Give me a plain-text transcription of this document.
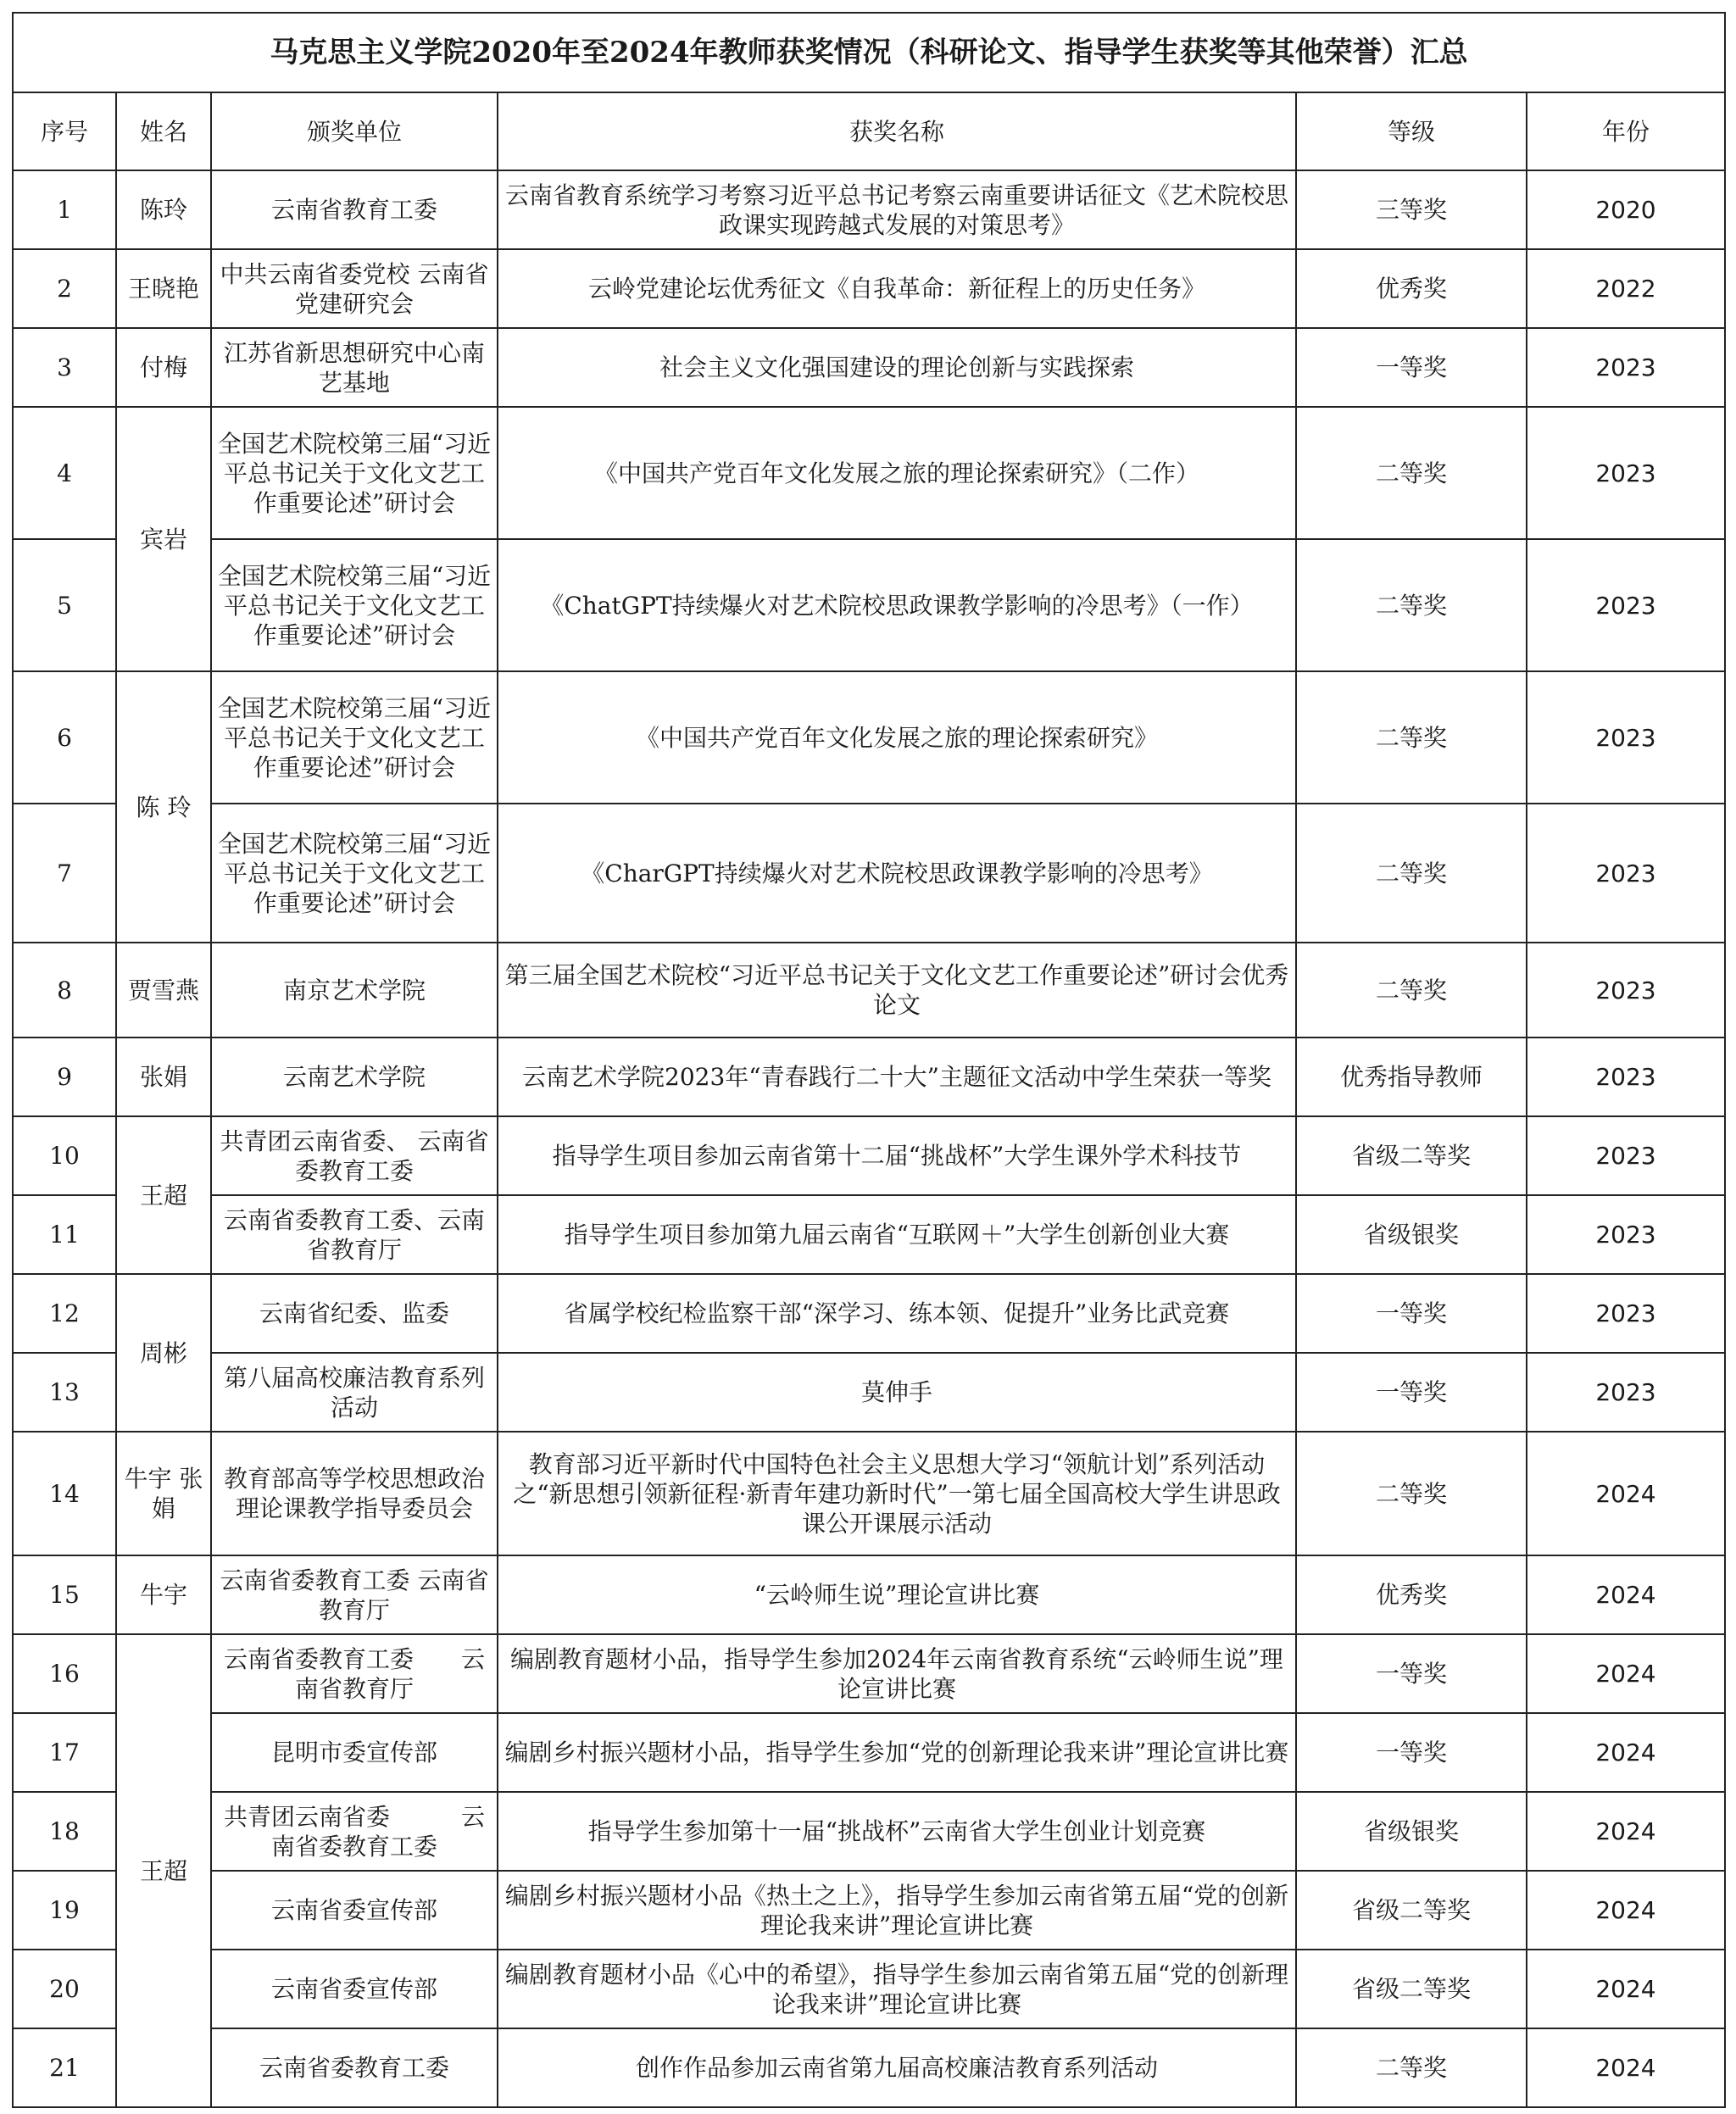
马克思主义学院2020年至2024年教师获奖情况（科研论文、指导学生获奖等其他荣誉）汇总
序号	姓名	颁奖单位	获奖名称	等级	年份
1	陈玲	云南省教育工委	云南省教育系统学习考察习近平总书记考察云南重要讲话征文《艺术院校思政课实现跨越式发展的对策思考》	三等奖	2020
2	王晓艳	中共云南省委党校 云南省党建研究会	云岭党建论坛优秀征文《自我革命：新征程上的历史任务》	优秀奖	2022
3	付梅	江苏省新思想研究中心南艺基地	社会主义文化强国建设的理论创新与实践探索	一等奖	2023
4	宾岩	全国艺术院校第三届“习近平总书记关于文化文艺工作重要论述”研讨会	《中国共产党百年文化发展之旅的理论探索研究》（二作）	二等奖	2023
5		全国艺术院校第三届“习近平总书记关于文化文艺工作重要论述”研讨会	《ChatGPT持续爆火对艺术院校思政课教学影响的冷思考》（一作）	二等奖	2023
6	陈 玲	全国艺术院校第三届“习近平总书记关于文化文艺工作重要论述”研讨会	《中国共产党百年文化发展之旅的理论探索研究》	二等奖	2023
7		全国艺术院校第三届“习近平总书记关于文化文艺工作重要论述”研讨会	《CharGPT持续爆火对艺术院校思政课教学影响的冷思考》	二等奖	2023
8	贾雪燕	南京艺术学院	第三届全国艺术院校“习近平总书记关于文化文艺工作重要论述”研讨会优秀论文	二等奖	2023
9	张娟	云南艺术学院	云南艺术学院2023年“青春践行二十大”主题征文活动中学生荣获一等奖	优秀指导教师	2023
10	王超	共青团云南省委、 云南省委教育工委	指导学生项目参加云南省第十二届“挑战杯”大学生课外学术科技节	省级二等奖	2023
11		云南省委教育工委、云南省教育厅	指导学生项目参加第九届云南省“互联网＋”大学生创新创业大赛	省级银奖	2023
12	周彬	云南省纪委、监委	省属学校纪检监察干部“深学习、练本领、促提升”业务比武竞赛	一等奖	2023
13		第八届高校廉洁教育系列活动	莫伸手	一等奖	2023
14	牛宇 张娟	教育部高等学校思想政治理论课教学指导委员会	教育部习近平新时代中国特色社会主义思想大学习“领航计划”系列活动之“新思想引领新征程·新青年建功新时代”一第七届全国高校大学生讲思政课公开课展示活动	二等奖	2024
15	牛宇	云南省委教育工委 云南省教育厅	“云岭师生说”理论宣讲比赛	优秀奖	2024
16	王超	云南省委教育工委　　云南省教育厅	编剧教育题材小品，指导学生参加2024年云南省教育系统“云岭师生说”理论宣讲比赛	一等奖	2024
17		昆明市委宣传部	编剧乡村振兴题材小品，指导学生参加“党的创新理论我来讲”理论宣讲比赛	一等奖	2024
18		共青团云南省委　　　云南省委教育工委	指导学生参加第十一届“挑战杯”云南省大学生创业计划竞赛	省级银奖	2024
19		云南省委宣传部	编剧乡村振兴题材小品《热土之上》，指导学生参加云南省第五届“党的创新理论我来讲”理论宣讲比赛	省级二等奖	2024
20		云南省委宣传部	编剧教育题材小品《心中的希望》，指导学生参加云南省第五届“党的创新理论我来讲”理论宣讲比赛	省级二等奖	2024
21		云南省委教育工委	创作作品参加云南省第九届高校廉洁教育系列活动	二等奖	2024
